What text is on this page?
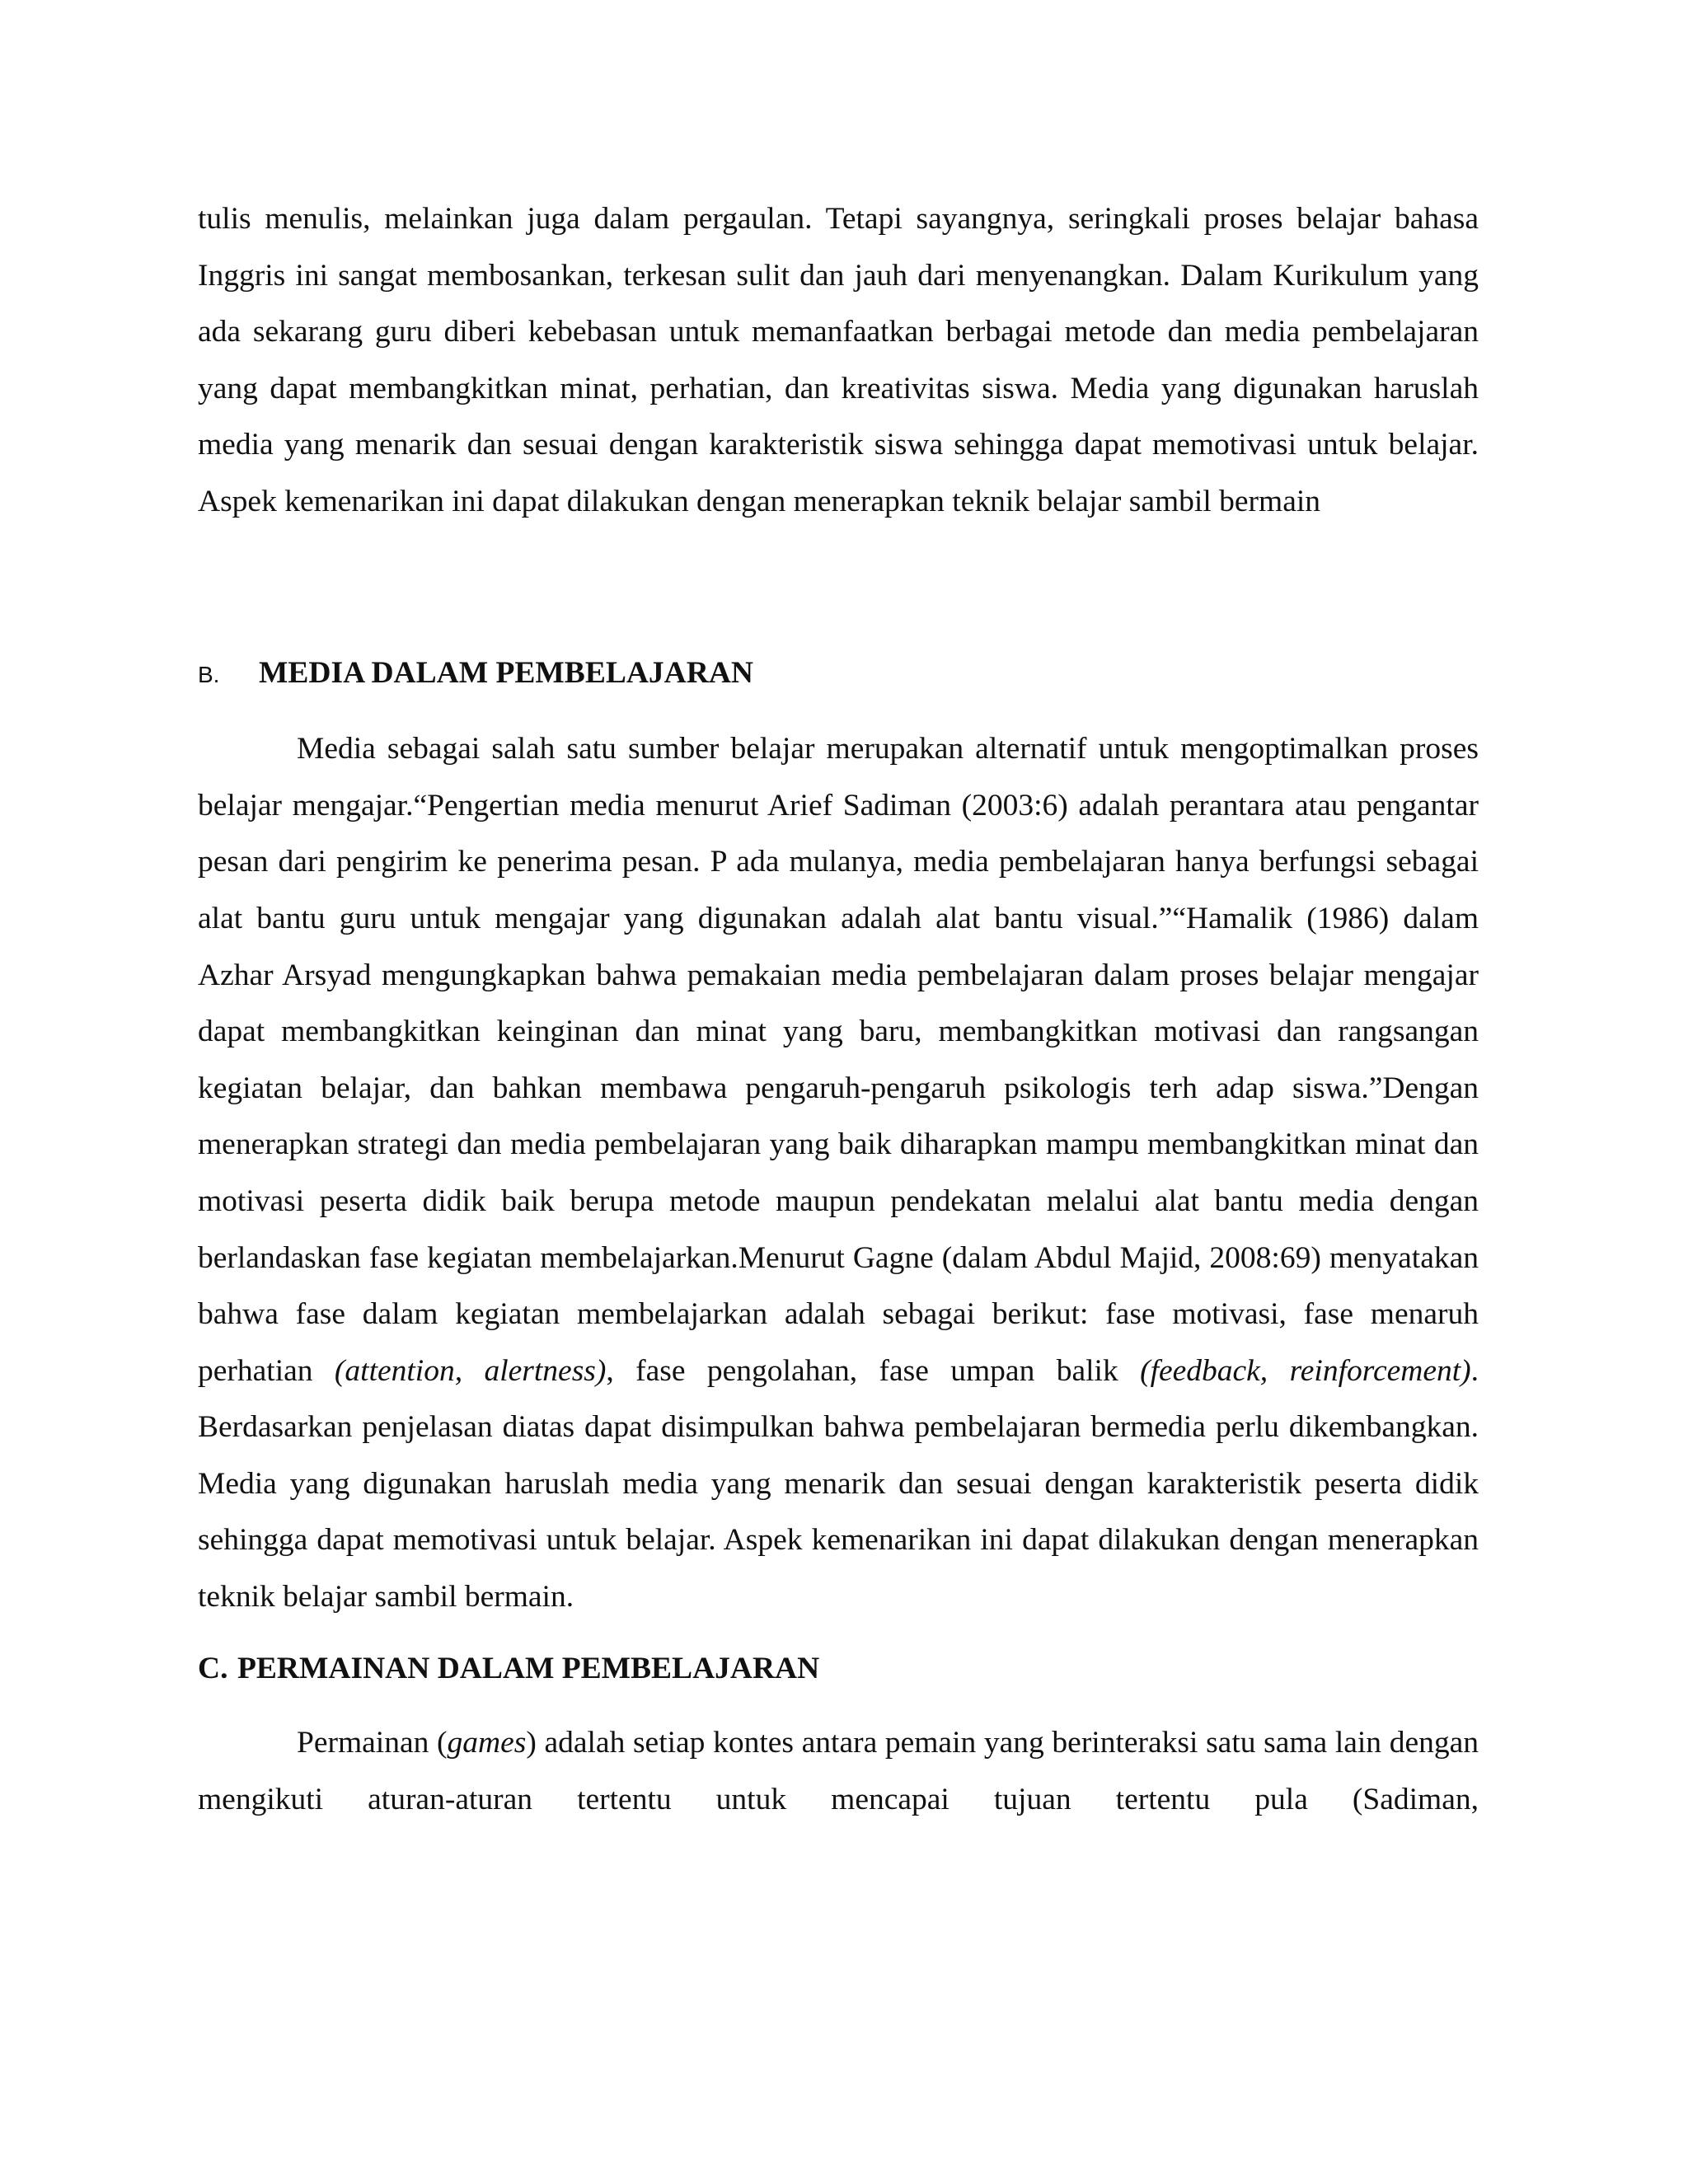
tulis menulis, melainkan juga dalam pergaulan. Tetapi sayangnya, seringkali proses belajar bahasa Inggris ini sangat membosankan, terkesan sulit dan jauh dari menyenangkan. Dalam Kurikulum yang ada sekarang guru diberi kebebasan untuk memanfaatkan berbagai metode dan media pembelajaran yang dapat membangkitkan minat, perhatian, dan kreativitas siswa. Media yang digunakan haruslah media yang menarik dan sesuai dengan karakteristik siswa sehingga dapat memotivasi untuk belajar. Aspek kemenarikan ini dapat dilakukan dengan menerapkan teknik belajar sambil bermain

B.	MEDIA DALAM PEMBELAJARAN

Media sebagai salah satu sumber belajar merupakan alternatif untuk mengoptimalkan proses belajar mengajar.“Pengertian media menurut Arief Sadiman (2003:6) adalah perantara atau pengantar pesan dari pengirim ke penerima pesan. P ada mulanya, media pembelajaran hanya berfungsi sebagai alat bantu guru untuk mengajar yang digunakan adalah alat bantu visual.”“Hamalik (1986) dalam Azhar Arsyad mengungkapkan bahwa pemakaian media pembelajaran dalam proses belajar mengajar dapat membangkitkan keinginan dan minat yang baru, membangkitkan motivasi dan rangsangan kegiatan belajar, dan bahkan membawa pengaruh-pengaruh psikologis terh adap siswa.”Dengan menerapkan strategi dan media pembelajaran yang baik diharapkan mampu membangkitkan minat dan motivasi peserta didik baik berupa metode maupun pendekatan melalui alat bantu media dengan berlandaskan fase kegiatan membelajarkan.Menurut Gagne (dalam Abdul Majid, 2008:69) menyatakan bahwa fase dalam kegiatan membelajarkan adalah sebagai berikut: fase motivasi, fase menaruh perhatian (attention, alertness), fase pengolahan, fase umpan balik (feedback, reinforcement). Berdasarkan penjelasan diatas dapat disimpulkan bahwa pembelajaran bermedia perlu dikembangkan. Media yang digunakan haruslah media yang menarik dan sesuai dengan karakteristik peserta didik sehingga dapat memotivasi untuk belajar. Aspek kemenarikan ini dapat dilakukan dengan menerapkan teknik belajar sambil bermain.

C. PERMAINAN DALAM PEMBELAJARAN

Permainan (games) adalah setiap kontes antara pemain yang berinteraksi satu sama lain dengan mengikuti aturan-aturan tertentu untuk mencapai tujuan tertentu pula (Sadiman,
